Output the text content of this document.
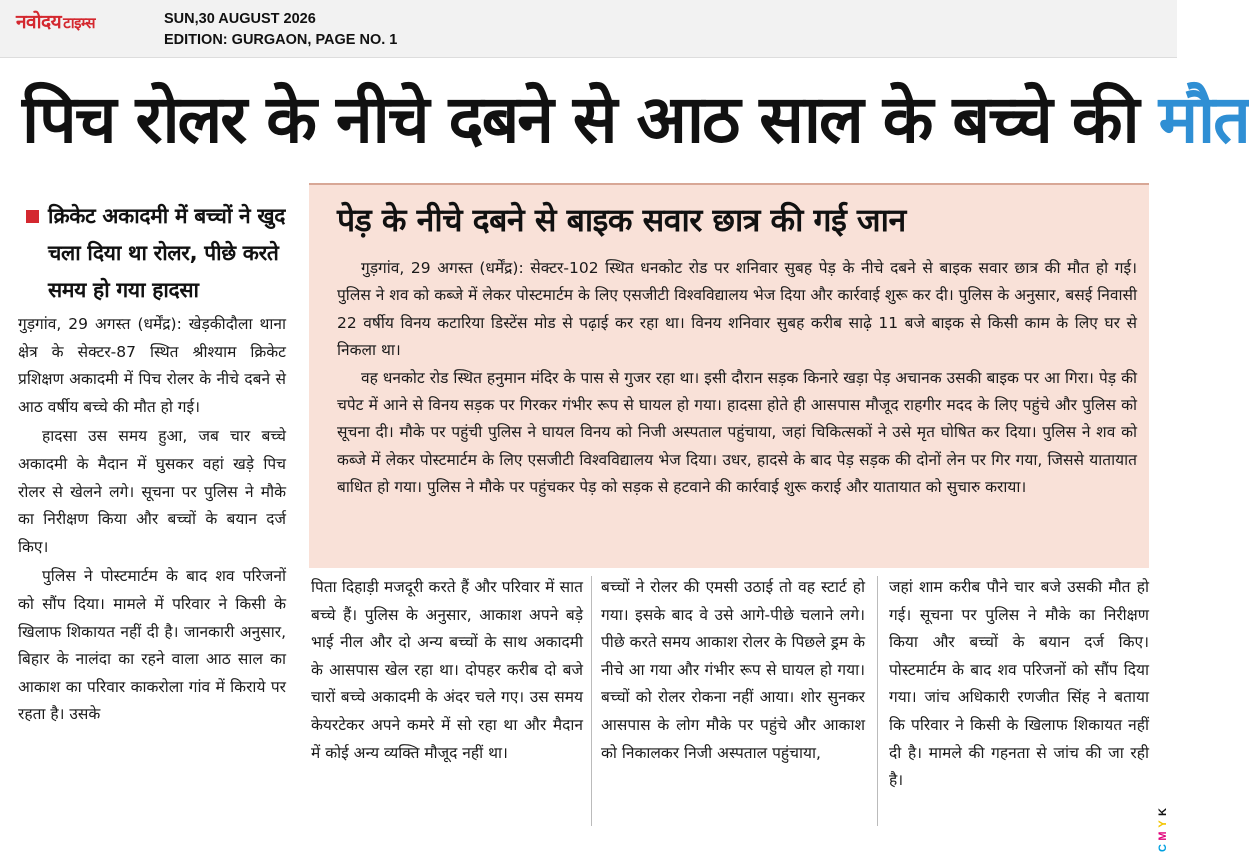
नवोदय टाइम्स	SUN,30 AUGUST 2026
EDITION: GURGAON, PAGE NO. 1
पिच रोलर के नीचे दबने से आठ साल के बच्चे की मौत
क्रिकेट अकादमी में बच्चों ने खुद चला दिया था रोलर, पीछे करते समय हो गया हादसा

गुड़गांव, 29 अगस्त (धर्मेंद्र): खेड़कीदौला थाना क्षेत्र के सेक्टर-87 स्थित श्रीश्याम क्रिकेट प्रशिक्षण अकादमी में पिच रोलर के नीचे दबने से आठ वर्षीय बच्चे की मौत हो गई।

हादसा उस समय हुआ, जब चार बच्चे अकादमी के मैदान में घुसकर वहां खड़े पिच रोलर से खेलने लगे। सूचना पर पुलिस ने मौके का निरीक्षण किया और बच्चों के बयान दर्ज किए।

पुलिस ने पोस्टमार्टम के बाद शव परिजनों को सौंप दिया। मामले में परिवार ने किसी के खिलाफ शिकायत नहीं दी है। जानकारी अनुसार, बिहार के नालंदा का रहने वाला आठ साल का आकाश का परिवार काकरोला गांव में किराये पर रहता है। उसके

पेड़ के नीचे दबने से बाइक सवार छात्र की गई जान

गुड़गांव, 29 अगस्त (धर्मेंद्र): सेक्टर-102 स्थित धनकोट रोड पर शनिवार सुबह पेड़ के नीचे दबने से बाइक सवार छात्र की मौत हो गई। पुलिस ने शव को कब्जे में लेकर पोस्टमार्टम के लिए एसजीटी विश्वविद्यालय भेज दिया और कार्रवाई शुरू कर दी। पुलिस के अनुसार, बसई निवासी 22 वर्षीय विनय कटारिया डिस्टेंस मोड से पढ़ाई कर रहा था। विनय शनिवार सुबह करीब साढ़े 11 बजे बाइक से किसी काम के लिए घर से निकला था।

वह धनकोट रोड स्थित हनुमान मंदिर के पास से गुजर रहा था। इसी दौरान सड़क किनारे खड़ा पेड़ अचानक उसकी बाइक पर आ गिरा। पेड़ की चपेट में आने से विनय सड़क पर गिरकर गंभीर रूप से घायल हो गया। हादसा होते ही आसपास मौजूद राहगीर मदद के लिए पहुंचे और पुलिस को सूचना दी। मौके पर पहुंची पुलिस ने घायल विनय को निजी अस्पताल पहुंचाया, जहां चिकित्सकों ने उसे मृत घोषित कर दिया। पुलिस ने शव को कब्जे में लेकर पोस्टमार्टम के लिए एसजीटी विश्वविद्यालय भेज दिया। उधर, हादसे के बाद पेड़ सड़क की दोनों लेन पर गिर गया, जिससे यातायात बाधित हो गया। पुलिस ने मौके पर पहुंचकर पेड़ को सड़क से हटवाने की कार्रवाई शुरू कराई और यातायात को सुचारु कराया।

पिता दिहाड़ी मजदूरी करते हैं और परिवार में सात बच्चे हैं। पुलिस के अनुसार, आकाश अपने बड़े भाई नील और दो अन्य बच्चों के साथ अकादमी के आसपास खेल रहा था। दोपहर करीब दो बजे चारों बच्चे अकादमी के अंदर चले गए। उस समय केयरटेकर अपने कमरे में सो रहा था और मैदान में कोई अन्य व्यक्ति मौजूद नहीं था।

बच्चों ने रोलर की एमसी उठाई तो वह स्टार्ट हो गया। इसके बाद वे उसे आगे-पीछे चलाने लगे। पीछे करते समय आकाश रोलर के पिछले ड्रम के नीचे आ गया और गंभीर रूप से घायल हो गया। बच्चों को रोलर रोकना नहीं आया। शोर सुनकर आसपास के लोग मौके पर पहुंचे और आकाश को निकालकर निजी अस्पताल पहुंचाया,

जहां शाम करीब पौने चार बजे उसकी मौत हो गई। सूचना पर पुलिस ने मौके का निरीक्षण किया और बच्चों के बयान दर्ज किए। पोस्टमार्टम के बाद शव परिजनों को सौंप दिया गया। जांच अधिकारी रणजीत सिंह ने बताया कि परिवार ने किसी के खिलाफ शिकायत नहीं दी है। मामले की गहनता से जांच की जा रही है।

K
Y
M
C
